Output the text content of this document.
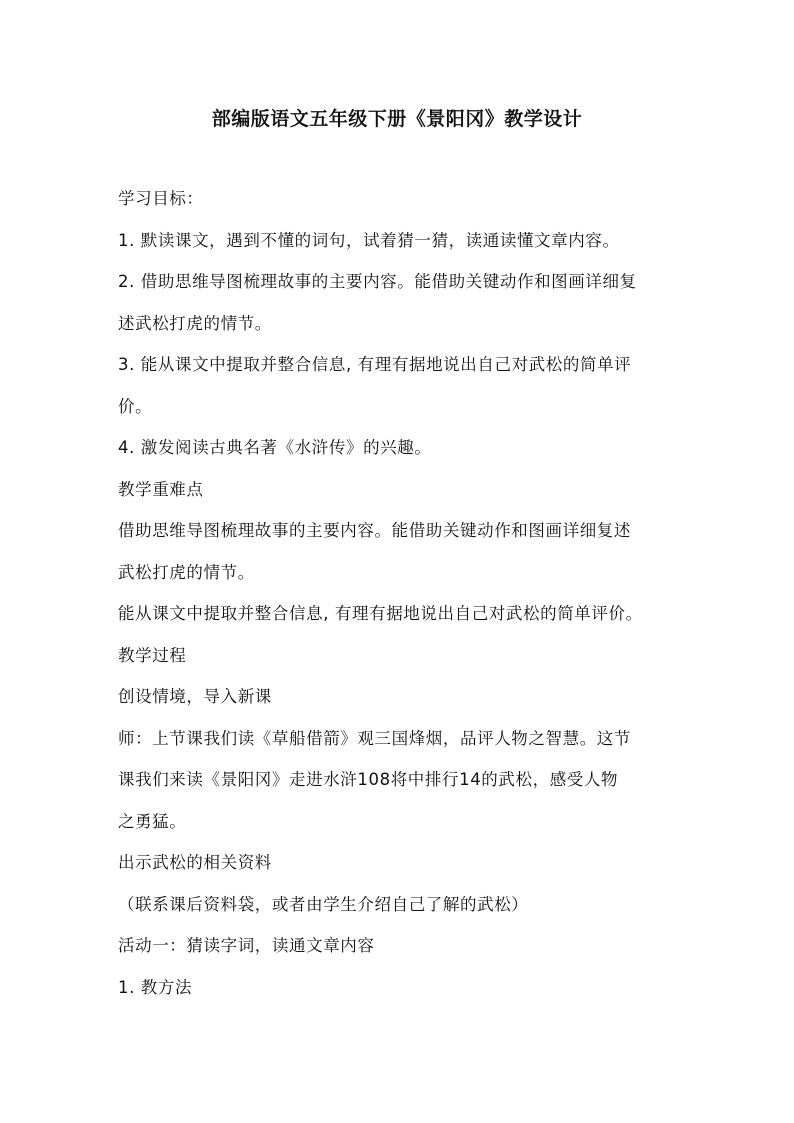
部编版语文五年级下册《景阳冈》教学设计
学习目标：
1. 默读课文，遇到不懂的词句，试着猜一猜，读通读懂文章内容。
2. 借助思维导图梳理故事的主要内容。能借助关键动作和图画详细复
述武松打虎的情节。
3. 能从课文中提取并整合信息, 有理有据地说出自己对武松的简单评
价。
4. 激发阅读古典名著《水浒传》的兴趣。
教学重难点
借助思维导图梳理故事的主要内容。能借助关键动作和图画详细复述
武松打虎的情节。
能从课文中提取并整合信息, 有理有据地说出自己对武松的简单评价。
教学过程
创设情境，导入新课
师：上节课我们读《草船借箭》观三国烽烟，品评人物之智慧。这节
课我们来读《景阳冈》走进水浒108将中排行14的武松，感受人物
之勇猛。
出示武松的相关资料
（联系课后资料袋，或者由学生介绍自己了解的武松）
活动一：猜读字词，读通文章内容
1. 教方法
